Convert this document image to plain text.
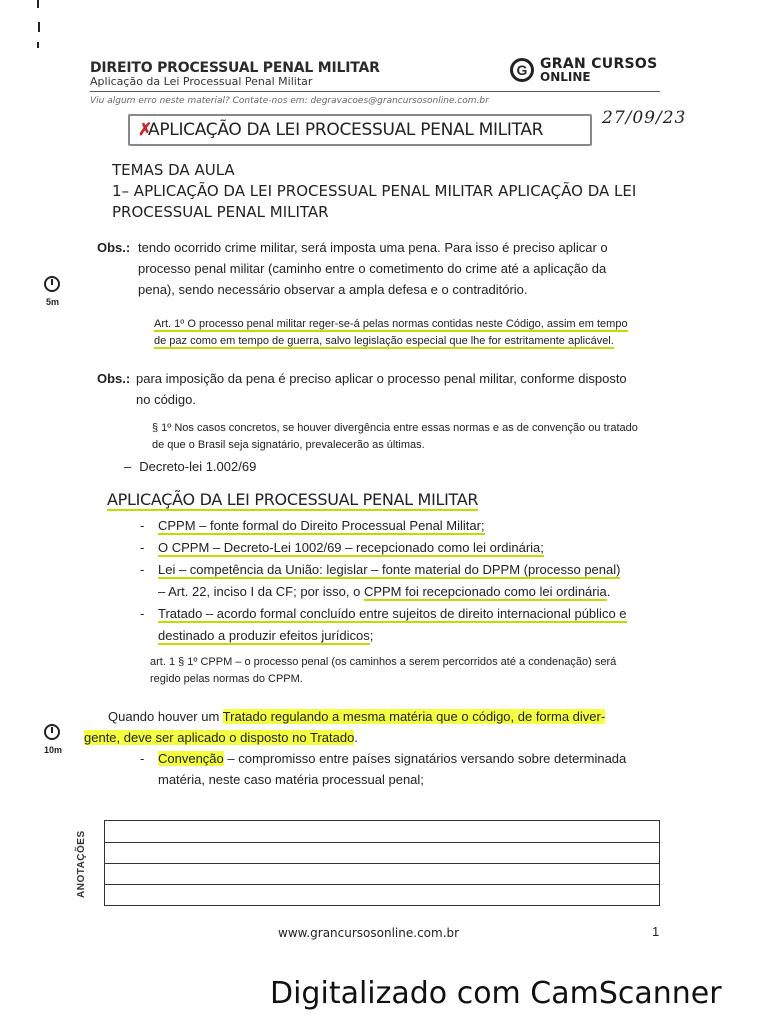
DIREITO PROCESSUAL PENAL MILITAR
Aplicação da Lei Processual Penal Militar
G GRAN CURSOS
ONLINE
Viu algum erro neste material? Contate-nos em: degravacoes@grancursosonline.com.br
✗
APLICAÇÃO DA LEI PROCESSUAL PENAL MILITAR
27/09/23
TEMAS DA AULA
1– APLICAÇÃO DA LEI PROCESSUAL PENAL MILITAR APLICAÇÃO DA LEI
PROCESSUAL PENAL MILITAR
Obs.: tendo ocorrido crime militar, será imposta uma pena. Para isso é preciso aplicar o
processo penal militar (caminho entre o cometimento do crime até a aplicação da
pena), sendo necessário observar a ampla defesa e o contraditório.
5m
Art. 1º O processo penal militar reger-se-á pelas normas contidas neste Código, assim em tempo
de paz como em tempo de guerra, salvo legislação especial que lhe for estritamente aplicável.
Obs.: para imposição da pena é preciso aplicar o processo penal militar, conforme disposto
no código.
§ 1º Nos casos concretos, se houver divergência entre essas normas e as de convenção ou tratado
de que o Brasil seja signatário, prevalecerão as últimas.
– Decreto-lei 1.002/69
APLICAÇÃO DA LEI PROCESSUAL PENAL MILITAR
- CPPM – fonte formal do Direito Processual Penal Militar;
- O CPPM – Decreto-Lei 1002/69 – recepcionado como lei ordinária;
- Lei – competência da União: legislar – fonte material do DPPM (processo penal)
– Art. 22, inciso I da CF; por isso, o CPPM foi recepcionado como lei ordinária.
- Tratado – acordo formal concluído entre sujeitos de direito internacional público e
destinado a produzir efeitos jurídicos;
art. 1 § 1º CPPM – o processo penal (os caminhos a serem percorridos até a condenação) será
regido pelas normas do CPPM.
10m
Quando houver um Tratado regulando a mesma matéria que o código, de forma diver-
gente, deve ser aplicado o disposto no Tratado.
- Convenção – compromisso entre países signatários versando sobre determinada
matéria, neste caso matéria processual penal;
ANOTAÇÕES
www.grancursosonline.com.br	1
Digitalizado com CamScanner
